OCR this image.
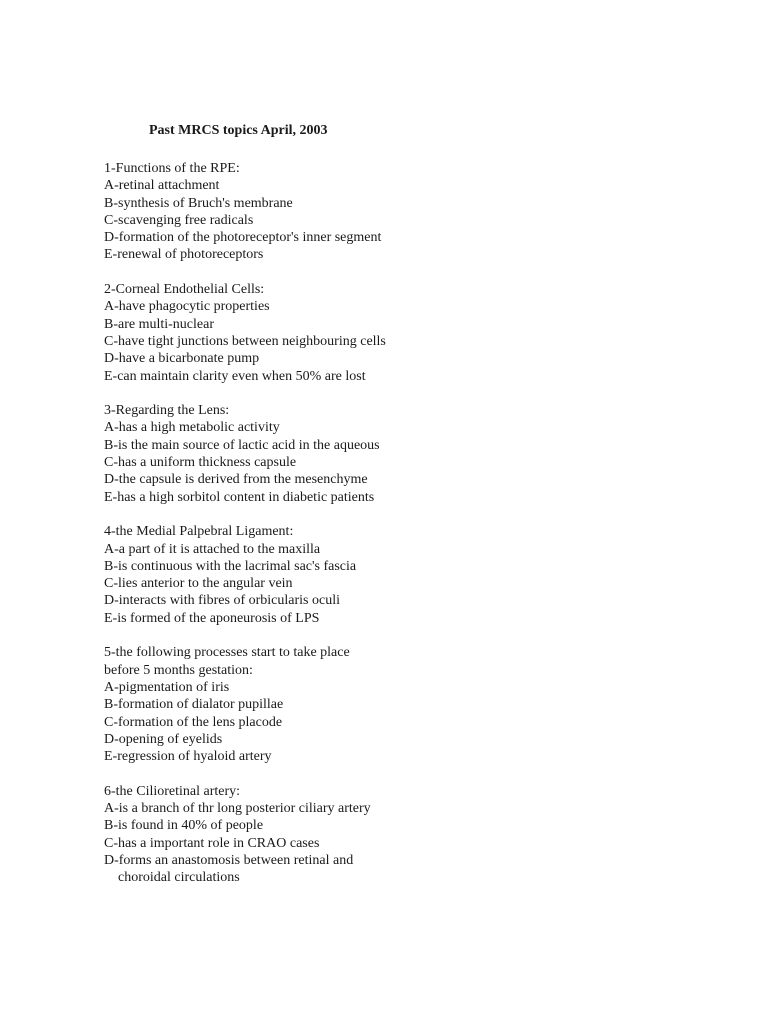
Past MRCS topics April, 2003
1-Functions of the RPE:
A-retinal attachment
B-synthesis of Bruch's membrane
C-scavenging free radicals
D-formation of the photoreceptor's inner segment
E-renewal of photoreceptors
2-Corneal Endothelial Cells:
A-have phagocytic properties
B-are multi-nuclear
C-have tight junctions between neighbouring cells
D-have a bicarbonate pump
E-can maintain clarity even when 50% are lost
3-Regarding the Lens:
A-has a high metabolic activity
B-is the main source of lactic acid in the aqueous
C-has a uniform thickness capsule
D-the capsule is derived from the mesenchyme
E-has a high sorbitol content in diabetic patients
4-the Medial Palpebral Ligament:
A-a part of it is attached to the maxilla
B-is continuous with the lacrimal sac's fascia
C-lies anterior to the angular vein
D-interacts with fibres of orbicularis oculi
E-is formed of the aponeurosis of LPS
5-the following processes start to take place
before 5 months gestation:
A-pigmentation of iris
B-formation of dialator pupillae
C-formation of the lens placode
D-opening of eyelids
E-regression of hyaloid artery
6-the Cilioretinal artery:
A-is a branch of thr long posterior ciliary artery
B-is found in 40% of people
C-has a important role in CRAO cases
D-forms an anastomosis between retinal and
choroidal circulations
